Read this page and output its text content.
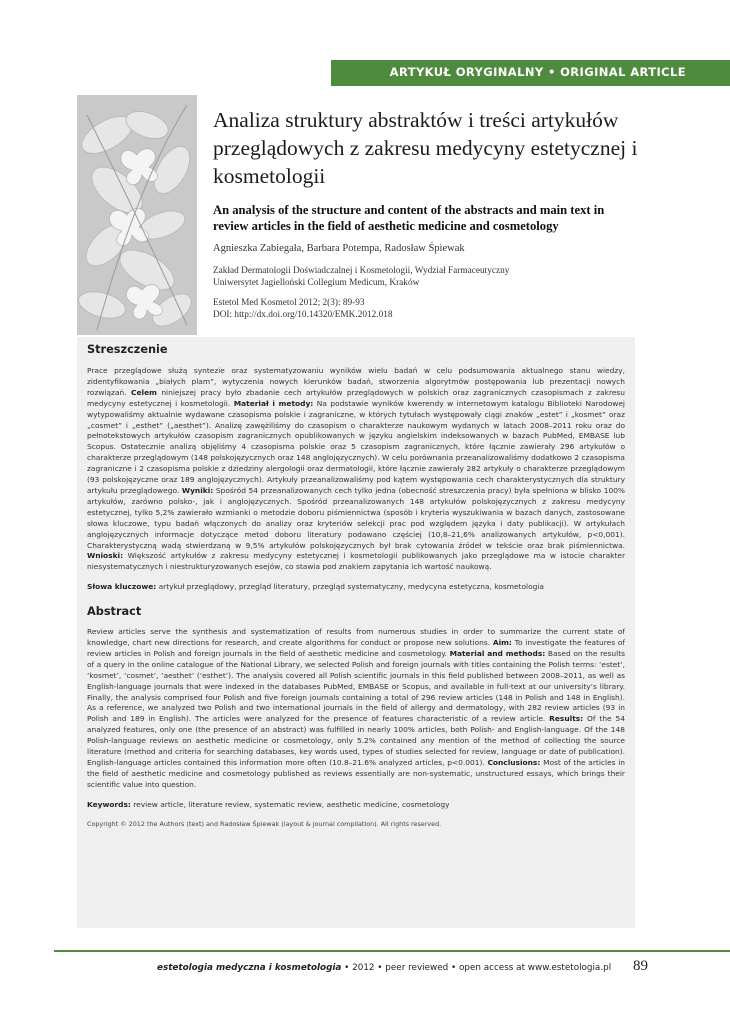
ARTYKUŁ ORYGINALNY • ORIGINAL ARTICLE
Analiza struktury abstraktów i treści artykułów przeglądowych z zakresu medycyny estetycznej i kosmetologii

An analysis of the structure and content of the abstracts and main text in review articles in the field of aesthetic medicine and cosmetology

Agnieszka Zabiegała, Barbara Potempa, Radosław Śpiewak
Zakład Dermatologii Doświadczalnej i Kosmetologii, Wydział Farmaceutyczny
Uniwersytet Jagielloński Collegium Medicum, Kraków
Estetol Med Kosmetol 2012; 2(3): 89-93
DOI: http://dx.doi.org/10.14320/EMK.2012.018
Streszczenie

Prace przeglądowe służą syntezie oraz systematyzowaniu wyników wielu badań w celu podsumowania aktualnego stanu wiedzy, zidentyfikowania „białych plam”, wytyczenia nowych kierunków badań, stworzenia algorytmów postępowania lub prezentacji nowych rozwiązań. Celem niniejszej pracy było zbadanie cech artykułów przeglądowych w polskich oraz zagranicznych czasopismach z zakresu medycyny estetycznej i kosmetologii. Materiał i metody: Na podstawie wyników kwerendy w internetowym katalogu Biblioteki Narodowej wytypowaliśmy aktualnie wydawane czasopisma polskie i zagraniczne, w których tytułach występowały ciągi znaków „estet” i „kosmet” oraz „cosmet” i „esthet” („aesthet”). Analizę zawężiliśmy do czasopism o charakterze naukowym wydanych w latach 2008–2011 roku oraz do pełnotekstowych artykułów czasopism zagranicznych opublikowanych w języku angielskim indeksowanych w bazach PubMed, EMBASE lub Scopus. Ostatecznie analizą objęliśmy 4 czasopisma polskie oraz 5 czasopism zagranicznych, które łącznie zawierały 296 artykułów o charakterze przeglądowym (148 polskojęzycznych oraz 148 anglojęzycznych). W celu porównania przeanalizowaliśmy dodatkowo 2 czasopisma zagraniczne i 2 czasopisma polskie z dziedziny alergologii oraz dermatologii, które łącznie zawierały 282 artykuły o charakterze przeglądowym (93 polskojęzyczne oraz 189 anglojęzycznych). Artykuły przeanalizowaliśmy pod kątem występowania cech charakterystycznych dla struktury artykułu przeglądowego. Wyniki: Spośród 54 przeanalizowanych cech tylko jedna (obecność streszczenia pracy) była spełniona w blisko 100% artykułów, zarówno polsko-, jak i anglojęzycznych. Spośród przeanalizowanych 148 artykułów polskojęzycznych z zakresu medycyny estetycznej, tylko 5,2% zawierało wzmianki o metodzie doboru piśmiennictwa (sposób i kryteria wyszukiwania w bazach danych, zastosowane słowa kluczowe, typu badań włączonych do analizy oraz kryteriów selekcji prac pod względem języka i daty publikacji). W artykułach anglojęzycznych informacje dotyczące metod doboru literatury podawano częściej (10,8–21,6% analizowanych artykułów, p<0,001). Charakterystyczną wadą stwierdzaną w 9,5% artykułów polskojęzycznych był brak cytowania źródeł w tekście oraz brak piśmiennictwa. Wnioski: Większość artykułów z zakresu medycyny estetycznej i kosmetologii publikowanych jako przeglądowe ma w istocie charakter niesystematycznych i niestrukturyzowanych esejów, co stawia pod znakiem zapytania ich wartość naukową.

Słowa kluczowe: artykuł przeglądowy, przegląd literatury, przegląd systematyczny, medycyna estetyczna, kosmetologia

Abstract

Review articles serve the synthesis and systematization of results from numerous studies in order to summarize the current state of knowledge, chart new directions for research, and create algorithms for conduct or propose new solutions. Aim: To investigate the features of review articles in Polish and foreign journals in the field of aesthetic medicine and cosmetology. Material and methods: Based on the results of a query in the online catalogue of the National Library, we selected Polish and foreign journals with titles containing the Polish terms: ‘estet’, ‘kosmet’, ‘cosmet’, ‘aesthet’ (‘esthet’). The analysis covered all Polish scientific journals in this field published between 2008–2011, as well as English-language journals that were indexed in the databases PubMed, EMBASE or Scopus, and available in full-text at our university’s library. Finally, the analysis comprised four Polish and five foreign journals containing a total of 296 review articles (148 in Polish and 148 in English). As a reference, we analyzed two Polish and two international journals in the field of allergy and dermatology, with 282 review articles (93 in Polish and 189 in English). The articles were analyzed for the presence of features characteristic of a review article. Results: Of the 54 analyzed features, only one (the presence of an abstract) was fulfilled in nearly 100% articles, both Polish- and English-language. Of the 148 Polish-language reviews on aesthetic medicine or cosmetology, only 5.2% contained any mention of the method of collecting the source literature (method and criteria for searching databases, key words used, types of studies selected for review, language or date of publication). English-language articles contained this information more often (10.8–21.6% analyzed articles, p<0.001). Conclusions: Most of the articles in the field of aesthetic medicine and cosmetology published as reviews essentially are non-systematic, unstructured essays, which brings their scientific value into question.

Keywords: review article, literature review, systematic review, aesthetic medicine, cosmetology

Copyright © 2012 the Authors (text) and Radosław Śpiewak (layout & journal compilation). All rights reserved.

estetologia medyczna i kosmetologia • 2012 • peer reviewed • open access at www.estetologia.pl 89
